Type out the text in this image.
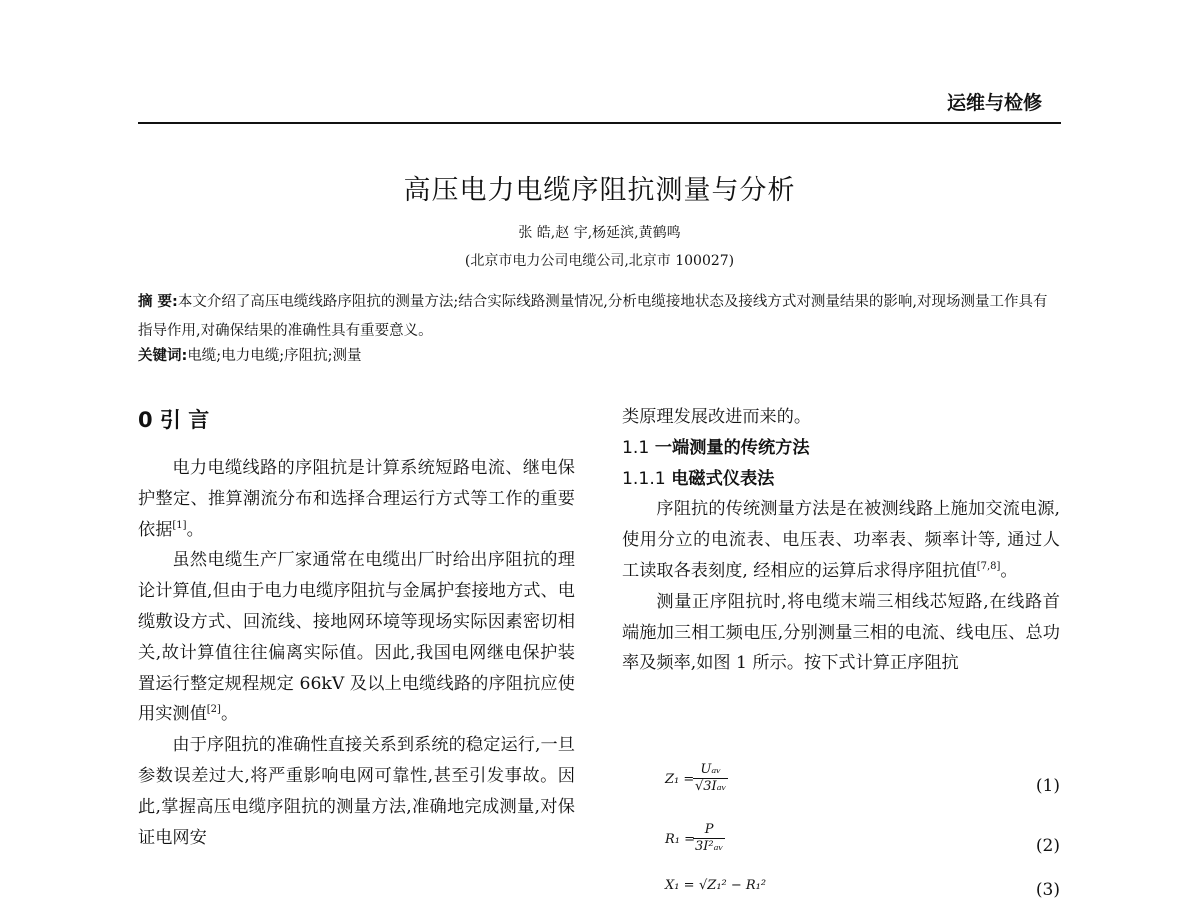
运维与检修
高压电力电缆序阻抗测量与分析
张 皓,赵 宇,杨延滨,黄鹤鸣
(北京市电力公司电缆公司,北京市 100027)
摘 要:本文介绍了高压电缆线路序阻抗的测量方法;结合实际线路测量情况,分析电缆接地状态及接线方式对测量结果的影响,对现场测量工作具有指导作用,对确保结果的准确性具有重要意义。
关键词:电缆;电力电缆;序阻抗;测量
0 引 言

电力电缆线路的序阻抗是计算系统短路电流、继电保护整定、推算潮流分布和选择合理运行方式等工作的重要依据[1]。

虽然电缆生产厂家通常在电缆出厂时给出序阻抗的理论计算值,但由于电力电缆序阻抗与金属护套接地方式、电缆敷设方式、回流线、接地网环境等现场实际因素密切相关,故计算值往往偏离实际值。因此,我国电网继电保护装置运行整定规程规定 66kV 及以上电缆线路的序阻抗应使用实测值[2]。

由于序阻抗的准确性直接关系到系统的稳定运行,一旦参数误差过大,将严重影响电网可靠性,甚至引发事故。因此,掌握高压电缆序阻抗的测量方法,准确地完成测量,对保证电网安

类原理发展改进而来的。

1.1 一端测量的传统方法

1.1.1 电磁式仪表法

序阻抗的传统测量方法是在被测线路上施加交流电源, 使用分立的电流表、电压表、功率表、频率计等, 通过人工读取各表刻度, 经相应的运算后求得序阻抗值[7,8]。

测量正序阻抗时,将电缆末端三相线芯短路,在线路首端施加三相工频电压,分别测量三相的电流、线电压、总功率及频率,如图 1 所示。按下式计算正序阻抗

Z₁ =
Uₐᵥ
√3Iₐᵥ	(1)
R₁ =
$\frac{P}{\text{3I²ₐᵥ}}$	(2)
X₁ = √Z₁² − R₁²	(3)
